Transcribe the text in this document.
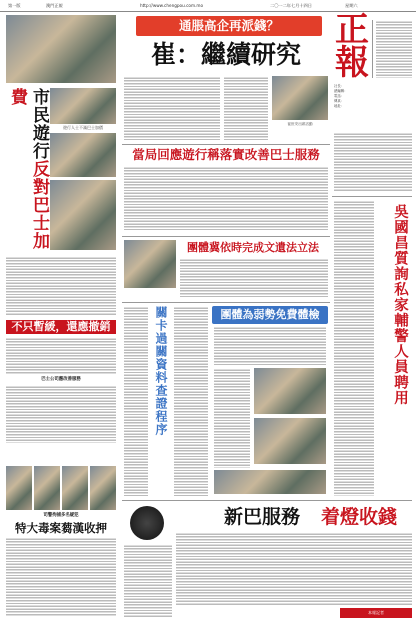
第一版	澳門正報	http://www.chengpou.com.mo	二〇一二年七月十四日	星期六
市民遊行反對巴士加費
遊行人士不滿巴士加價
不只暫緩，還應撤銷
巴士公司應改善服務
司警拘捕多名疑犯
特大毒案蒭漢收押
通脹高企再派錢？
崔：繼續研究
崔世安出席活動
正報
社長：
總編輯：
電話：
傳真：
地址：
當局回應遊行稱落實改善巴士服務
團體冀依時完成文遺法立法
關卡過關資料查證程序	團體為弱勢免費體檢	吳國昌質詢私家輔警人員聘用
新巴服務	着燈收錢
本報記者
